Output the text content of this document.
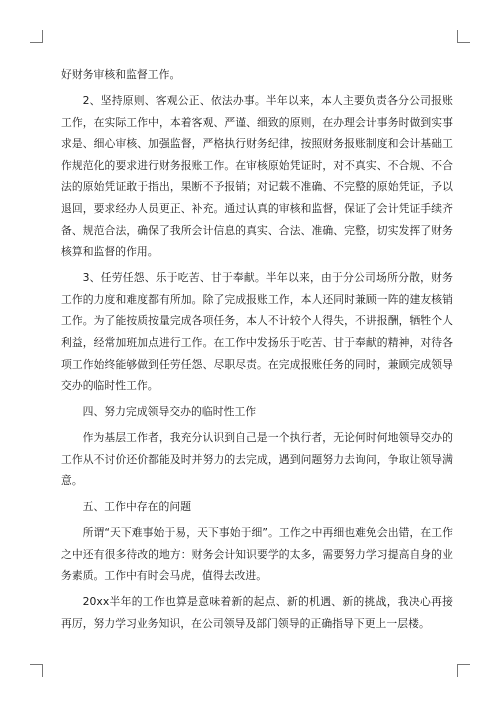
好财务审核和监督工作。

2、坚持原则、客观公正、依法办事。半年以来，本人主要负责各分公司报账工作，在实际工作中，本着客观、严谨、细致的原则，在办理会计事务时做到实事求是、细心审核、加强监督，严格执行财务纪律，按照财务报账制度和会计基础工作规范化的要求进行财务报账工作。在审核原始凭证时，对不真实、不合规、不合法的原始凭证敢于指出，果断不予报销；对记载不准确、不完整的原始凭证，予以退回，要求经办人员更正、补充。通过认真的审核和监督，保证了会计凭证手续齐备、规范合法，确保了我所会计信息的真实、合法、准确、完整，切实发挥了财务核算和监督的作用。

3、任劳任怨、乐于吃苦、甘于奉献。半年以来，由于分公司场所分散，财务工作的力度和难度都有所加。除了完成报账工作，本人还同时兼顾一阵的建友核销工作。为了能按质按量完成各项任务，本人不计较个人得失，不讲报酬，牺牲个人利益，经常加班加点进行工作。在工作中发扬乐于吃苦、甘于奉献的精神，对待各项工作始终能够做到任劳任怨、尽职尽责。在完成报账任务的同时，兼顾完成领导交办的临时性工作。

四、努力完成领导交办的临时性工作

作为基层工作者，我充分认识到自己是一个执行者，无论何时何地领导交办的工作从不讨价还价都能及时并努力的去完成，遇到问题努力去询问，争取让领导满意。

五、工作中存在的问题

所谓“天下难事始于易，天下事始于细”。工作之中再细也难免会出错，在工作之中还有很多待改的地方：财务会计知识要学的太多，需要努力学习提高自身的业务素质。工作中有时会马虎，值得去改进。

20xx半年的工作也算是意味着新的起点、新的机遇、新的挑战，我决心再接再厉，努力学习业务知识，在公司领导及部门领导的正确指导下更上一层楼。
